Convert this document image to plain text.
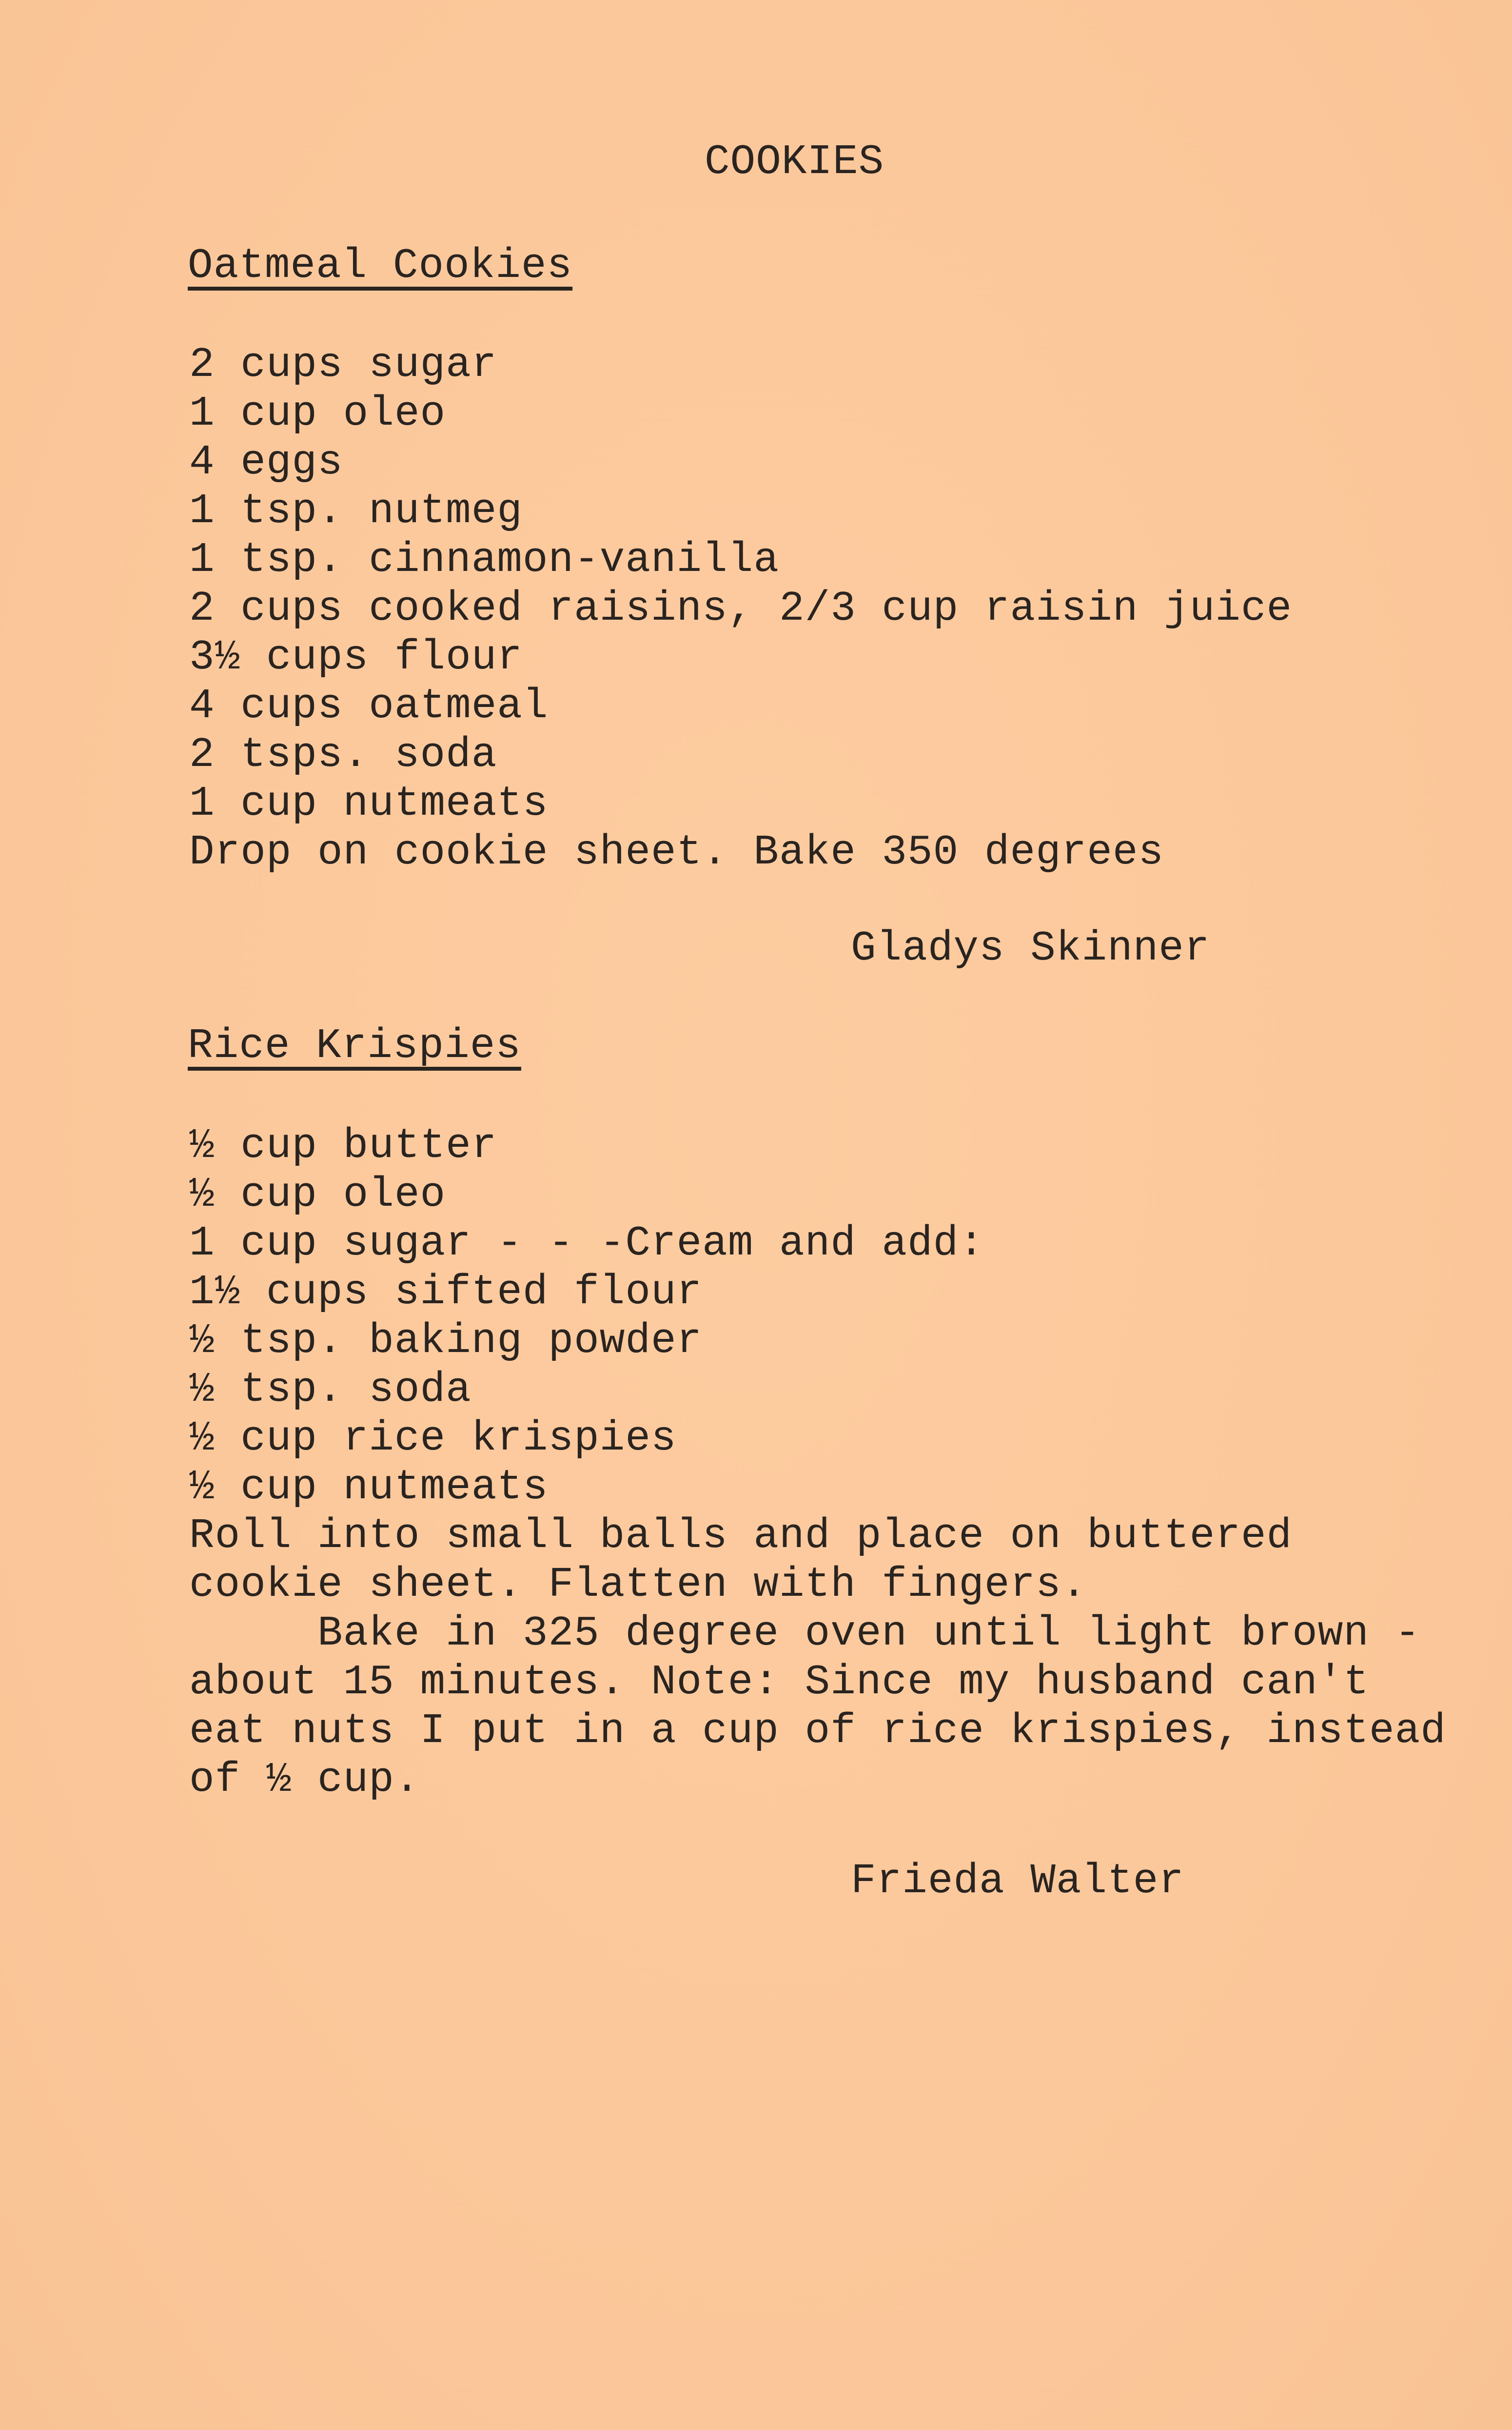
COOKIES
Oatmeal Cookies
2 cups sugar
1 cup oleo
4 eggs
1 tsp. nutmeg
1 tsp. cinnamon-vanilla
2 cups cooked raisins, 2/3 cup raisin juice
3½ cups flour
4 cups oatmeal
2 tsps. soda
1 cup nutmeats
Drop on cookie sheet. Bake 350 degrees
Gladys Skinner
Rice Krispies
½ cup butter
½ cup oleo
1 cup sugar - - -Cream and add:
1½ cups sifted flour
½ tsp. baking powder
½ tsp. soda
½ cup rice krispies
½ cup nutmeats
Roll into small balls and place on buttered
cookie sheet. Flatten with fingers.
Bake in 325 degree oven until light brown -
about 15 minutes. Note: Since my husband can't
eat nuts I put in a cup of rice krispies, instead
of ½ cup.
Frieda Walter
